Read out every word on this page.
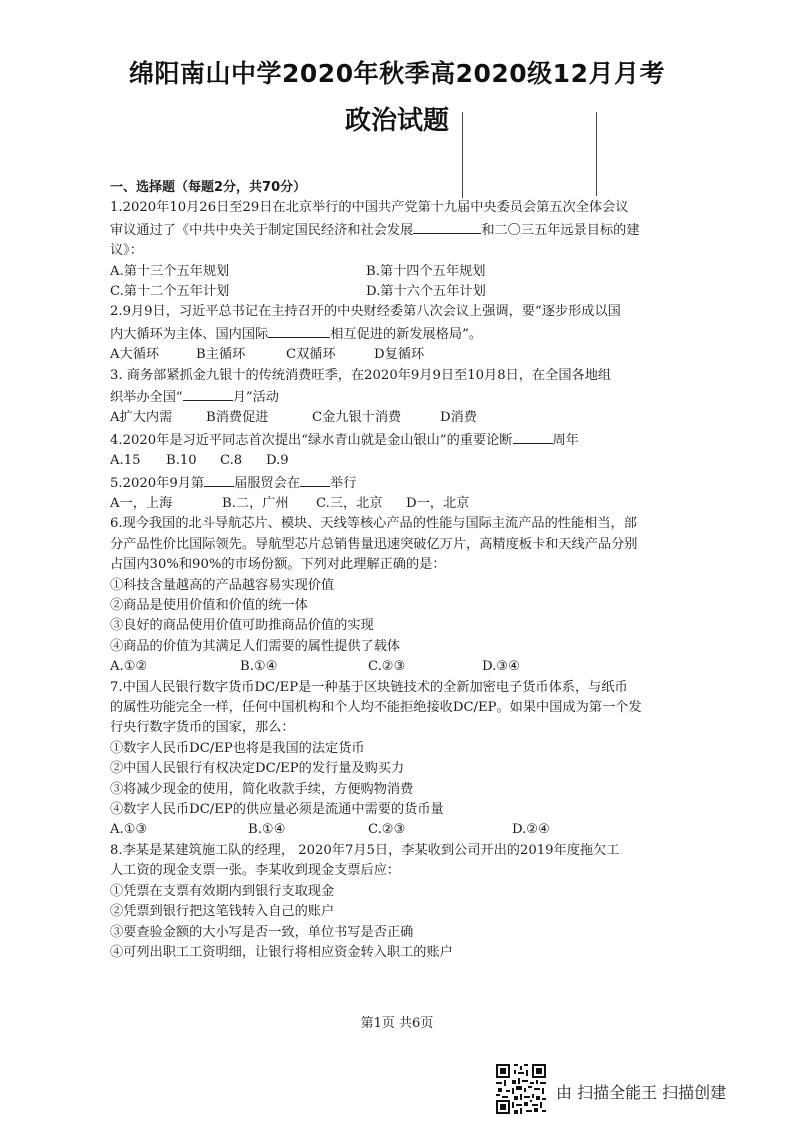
绵阳南山中学2020年秋季高2020级12月月考
政治试题

一、选择题（每题2分，共70分）

1.2020年10月26日至29日在北京举行的中国共产党第十九届中央委员会第五次全体会议

审议通过了《中共中央关于制定国民经济和社会发展	和二〇三五年远景目标的建

议》：

A.第十三个五年规划	B.第十四个五年规划
C.第十二个五年计划	D.第十六个五年计划

2.9月9日，习近平总书记在主持召开的中央财经委第八次会议上强调，要“逐步形成以国

内大循环为主体、国内国际	相互促进的新发展格局”。

A大循环	B主循环	C双循环	D复循环

3. 商务部紧抓金九银十的传统消费旺季，在2020年9月9日至10月8日，在全国各地组

织举办全国“	月”活动

A扩大内需	B消费促进	C金九银十消费	D消费

4.2020年是习近平同志首次提出“绿水青山就是金山银山”的重要论断	周年

A.15 B.10 C.8 D.9

5.2020年9月第 届服贸会在 举行

A一，上海	B.二，广州 C.三，北京 D一，北京

6.现今我国的北斗导航芯片、模块、天线等核心产品的性能与国际主流产品的性能相当，部

分产品性价比国际领先。导航型芯片总销售量迅速突破亿万片，高精度板卡和天线产品分别

占国内30%和90%的市场份额。下列对此理解正确的是：

①科技含量越高的产品越容易实现价值

②商品是使用价值和价值的统一体

③良好的商品使用价值可助推商品价值的实现

④商品的价值为其满足人们需要的属性提供了载体

A.①②	B.①④	C.②③	D.③④

7.中国人民银行数字货币DC/EP是一种基于区块链技术的全新加密电子货币体系，与纸币

的属性功能完全一样，任何中国机构和个人均不能拒绝接收DC/EP。如果中国成为第一个发

行央行数字货币的国家，那么：

①数字人民币DC/EP也将是我国的法定货币

②中国人民银行有权决定DC/EP的发行量及购买力

③将减少现金的使用，简化收款手续，方便购物消费

④数字人民币DC/EP的供应量必须是流通中需要的货币量

A.①③	B.①④	C.②③	D.②④

8.李某是某建筑施工队的经理， 2020年7月5日，李某收到公司开出的2019年度拖欠工

人工资的现金支票一张。李某收到现金支票后应：

①凭票在支票有效期内到银行支取现金

②凭票到银行把这笔钱转入自己的账户

③要查验金额的大小写是否一致，单位书写是否正确

④可列出职工工资明细，让银行将相应资金转入职工的账户

第1页 共6页
由 扫描全能王 扫描创建
